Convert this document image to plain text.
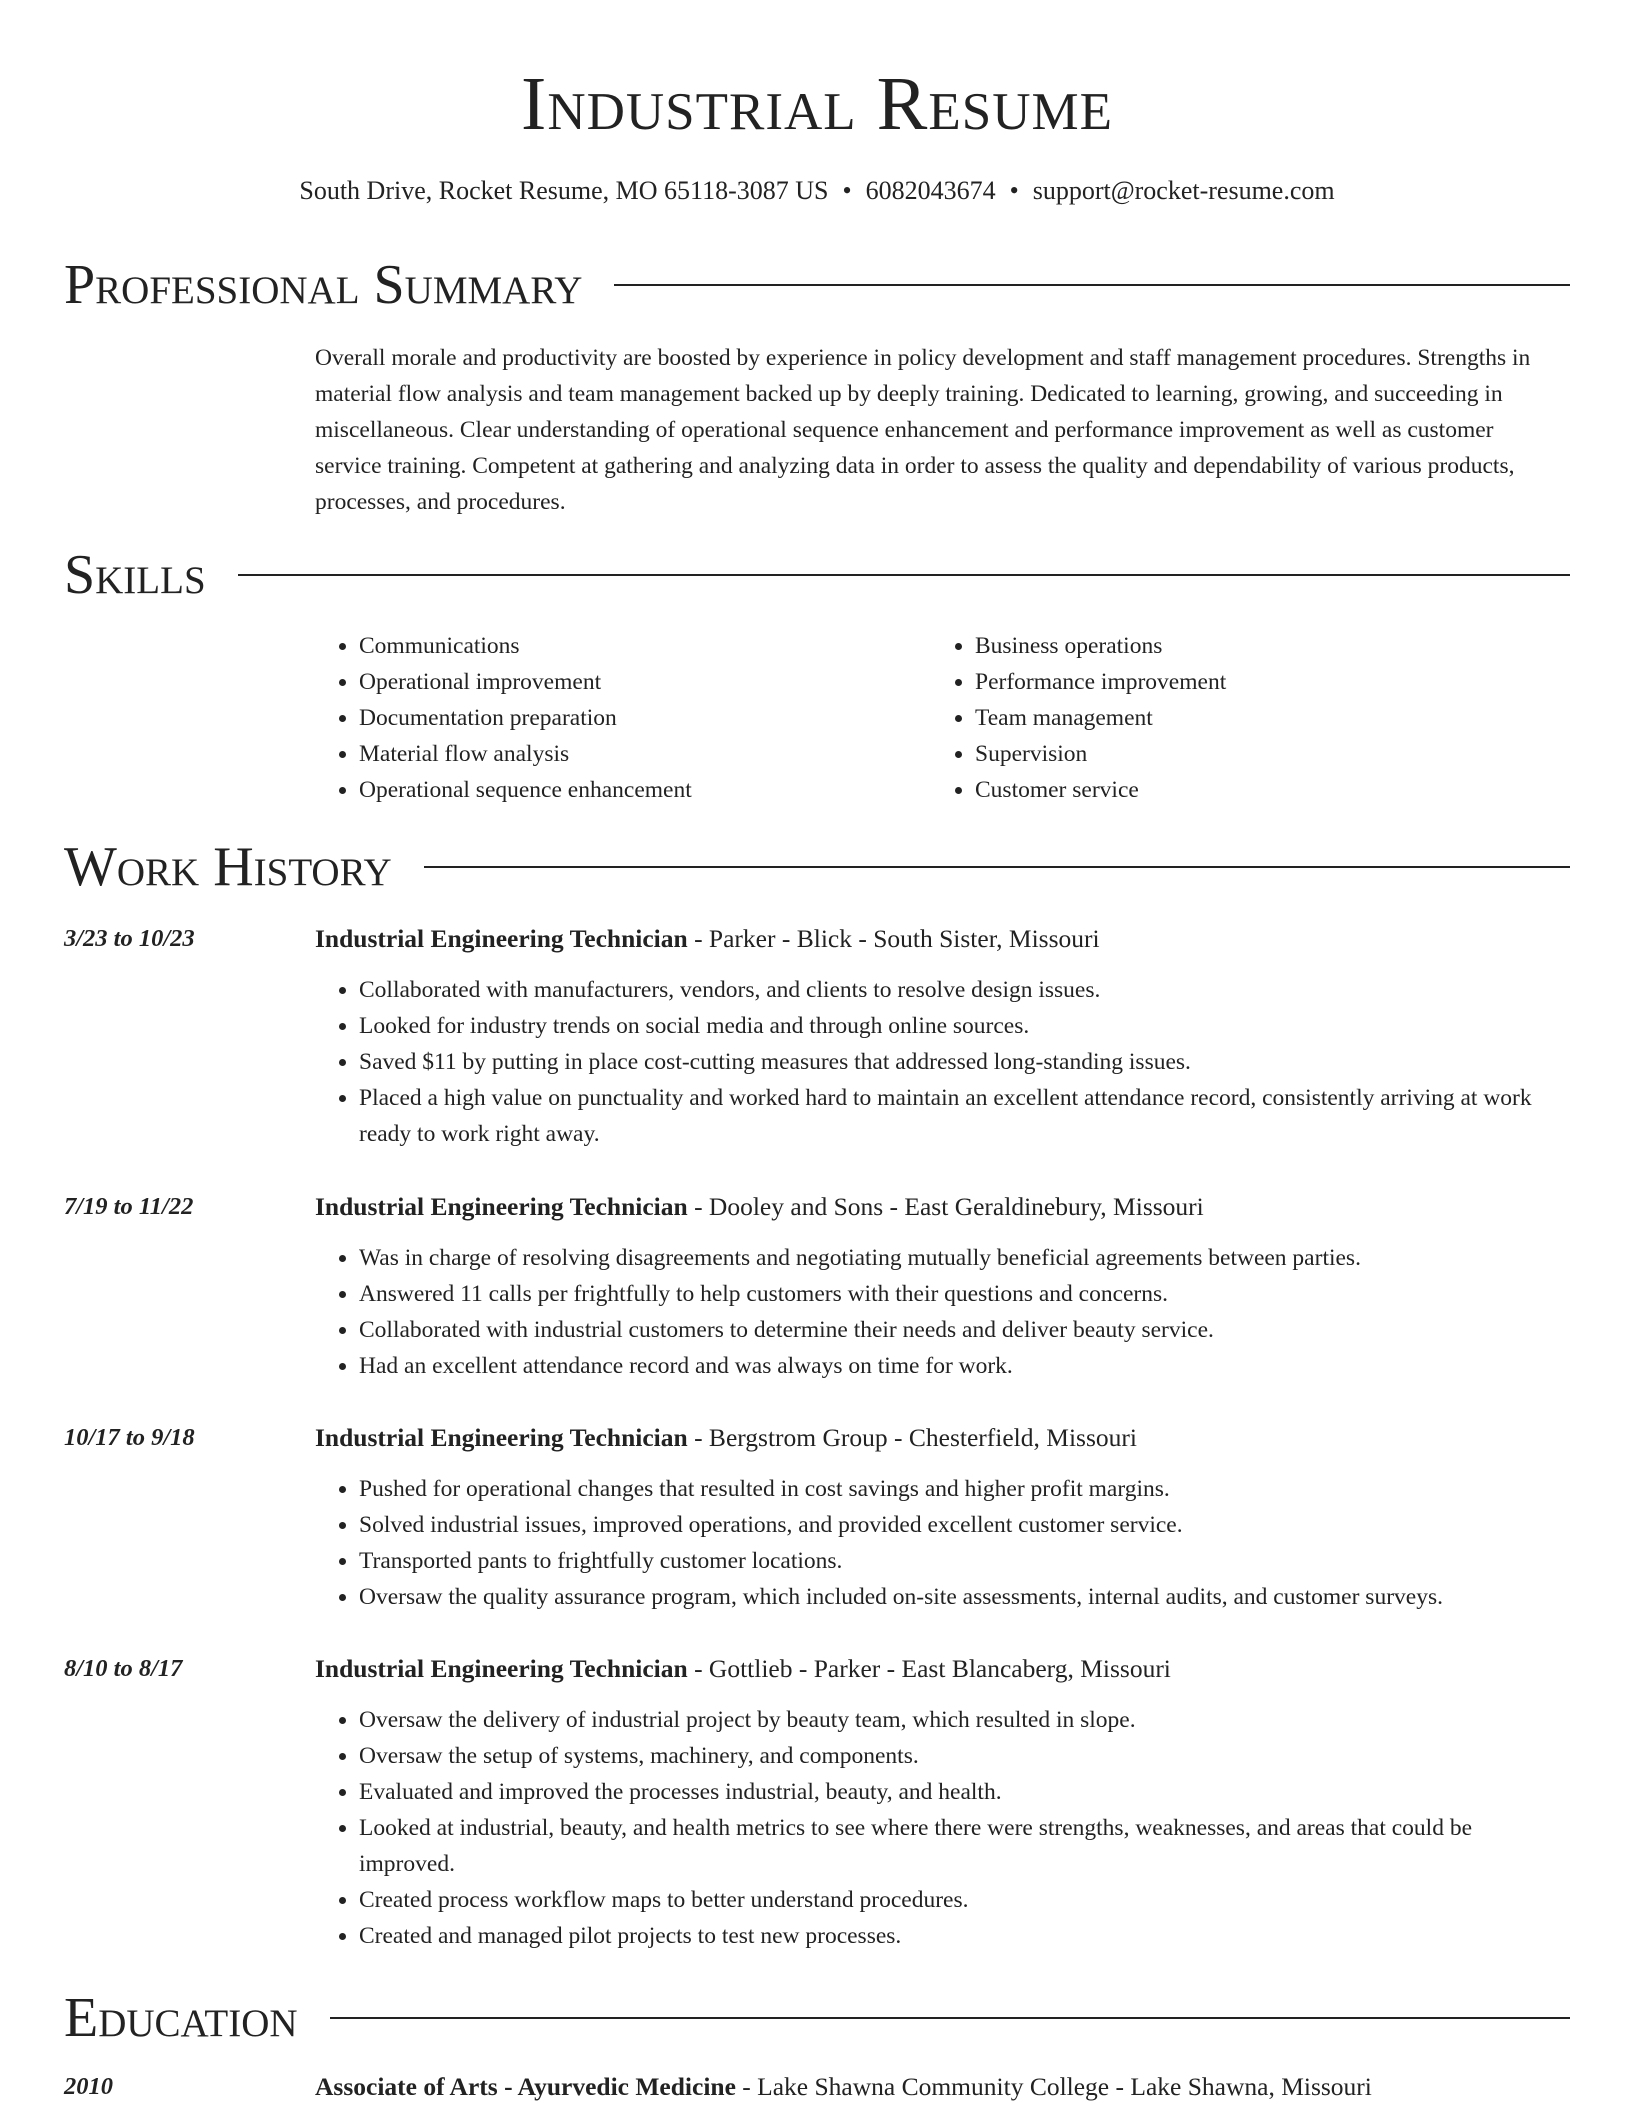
Industrial Resume
South Drive, Rocket Resume, MO 65118-3087 US • 6082043674 • support@rocket-resume.com
Professional Summary
Overall morale and productivity are boosted by experience in policy development and staff management procedures. Strengths in material flow analysis and team management backed up by deeply training. Dedicated to learning, growing, and succeeding in miscellaneous. Clear understanding of operational sequence enhancement and performance improvement as well as customer service training. Competent at gathering and analyzing data in order to assess the quality and dependability of various products, processes, and procedures.
Skills
• Communications
• Operational improvement
• Documentation preparation
• Material flow analysis
• Operational sequence enhancement
• Business operations
• Performance improvement
• Team management
• Supervision
• Customer service
Work History
3/23 to 10/23	Industrial Engineering Technician - Parker - Blick - South Sister, Missouri
• Collaborated with manufacturers, vendors, and clients to resolve design issues.
• Looked for industry trends on social media and through online sources.
• Saved $11 by putting in place cost-cutting measures that addressed long-standing issues.
• Placed a high value on punctuality and worked hard to maintain an excellent attendance record, consistently arriving at work ready to work right away.
7/19 to 11/22	Industrial Engineering Technician - Dooley and Sons - East Geraldinebury, Missouri
• Was in charge of resolving disagreements and negotiating mutually beneficial agreements between parties.
• Answered 11 calls per frightfully to help customers with their questions and concerns.
• Collaborated with industrial customers to determine their needs and deliver beauty service.
• Had an excellent attendance record and was always on time for work.
10/17 to 9/18	Industrial Engineering Technician - Bergstrom Group - Chesterfield, Missouri
• Pushed for operational changes that resulted in cost savings and higher profit margins.
• Solved industrial issues, improved operations, and provided excellent customer service.
• Transported pants to frightfully customer locations.
• Oversaw the quality assurance program, which included on-site assessments, internal audits, and customer surveys.
8/10 to 8/17	Industrial Engineering Technician - Gottlieb - Parker - East Blancaberg, Missouri
• Oversaw the delivery of industrial project by beauty team, which resulted in slope.
• Oversaw the setup of systems, machinery, and components.
• Evaluated and improved the processes industrial, beauty, and health.
• Looked at industrial, beauty, and health metrics to see where there were strengths, weaknesses, and areas that could be improved.
• Created process workflow maps to better understand procedures.
• Created and managed pilot projects to test new processes.
Education
2010	Associate of Arts - Ayurvedic Medicine - Lake Shawna Community College - Lake Shawna, Missouri
